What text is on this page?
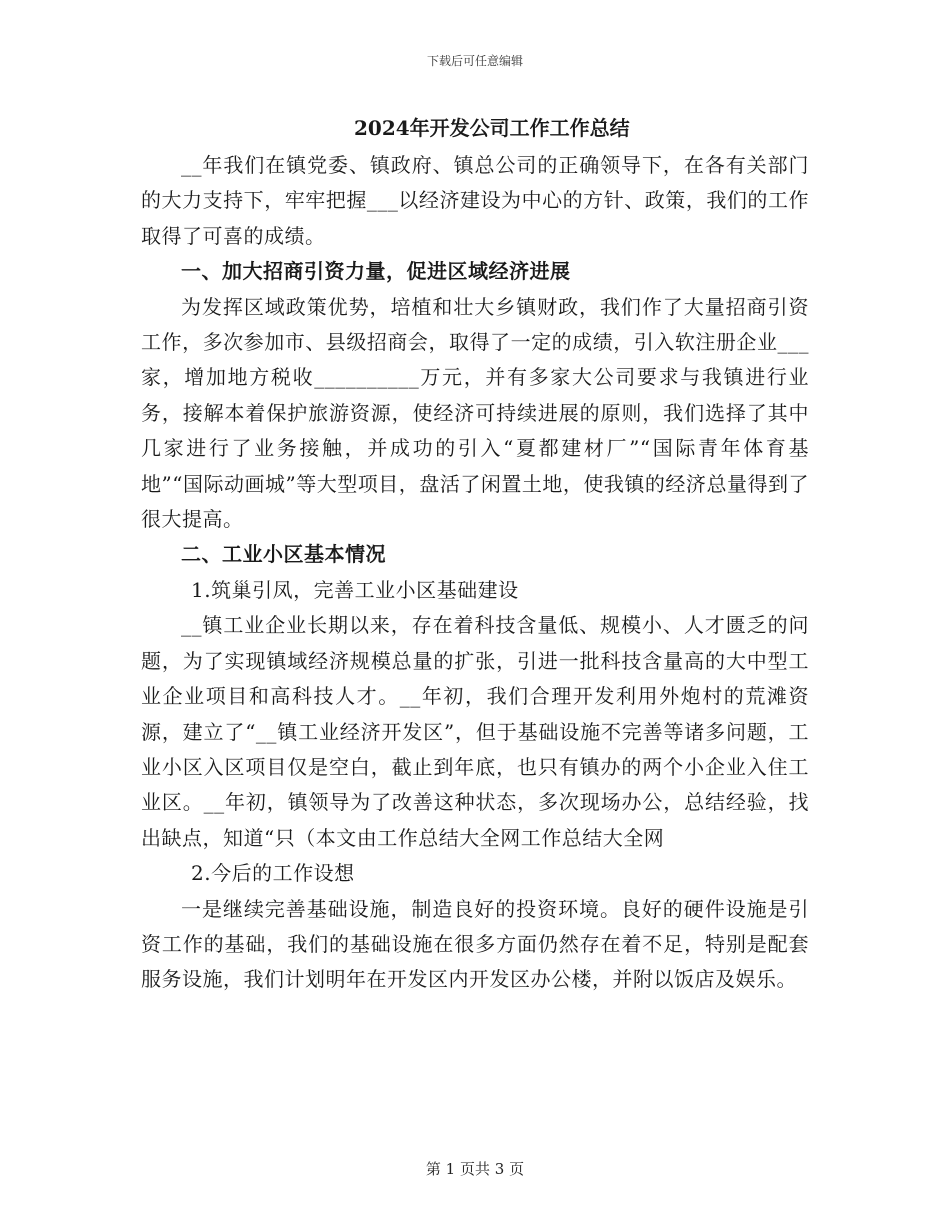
下载后可任意编辑
2024年开发公司工作工作总结

__年我们在镇党委、镇政府、镇总公司的正确领导下，在各有关部门的大力支持下，牢牢把握___以经济建设为中心的方针、政策，我们的工作取得了可喜的成绩。

一、加大招商引资力量，促进区域经济进展

为发挥区域政策优势，培植和壮大乡镇财政，我们作了大量招商引资工作，多次参加市、县级招商会，取得了一定的成绩，引入软注册企业___家，增加地方税收__________万元，并有多家大公司要求与我镇进行业务，接解本着保护旅游资源，使经济可持续进展的原则，我们选择了其中几家进行了业务接触，并成功的引入“夏都建材厂”“国际青年体育基地”“国际动画城”等大型项目，盘活了闲置土地，使我镇的经济总量得到了很大提高。

二、工业小区基本情况

1.筑巢引凤，完善工业小区基础建设

__镇工业企业长期以来，存在着科技含量低、规模小、人才匮乏的问题，为了实现镇域经济规模总量的扩张，引进一批科技含量高的大中型工业企业项目和高科技人才。__年初，我们合理开发利用外炮村的荒滩资源，建立了“__镇工业经济开发区”，但于基础设施不完善等诸多问题，工业小区入区项目仅是空白，截止到年底，也只有镇办的两个小企业入住工业区。__年初，镇领导为了改善这种状态，多次现场办公，总结经验，找出缺点，知道“只（本文由工作总结大全网工作总结大全网

2.今后的工作设想

一是继续完善基础设施，制造良好的投资环境。良好的硬件设施是引资工作的基础，我们的基础设施在很多方面仍然存在着不足，特别是配套服务设施，我们计划明年在开发区内开发区办公楼，并附以饭店及娱乐。

第 1 页共 3 页
